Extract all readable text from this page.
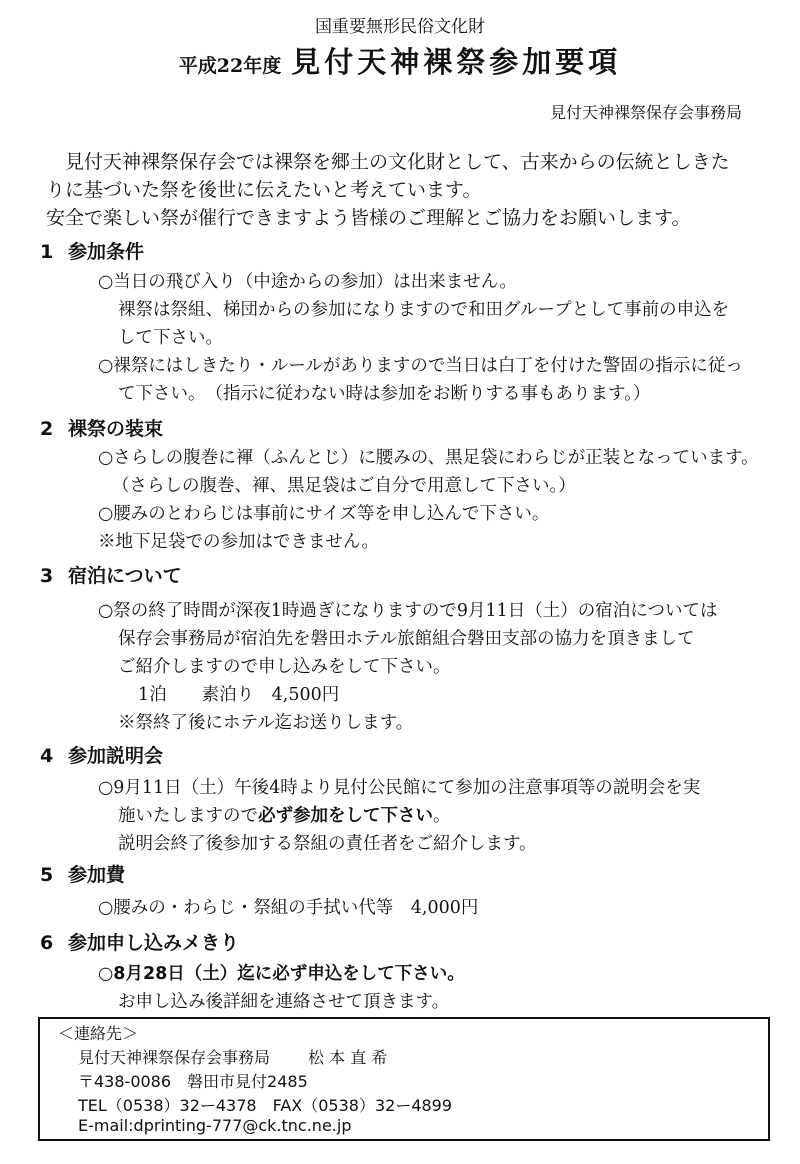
国重要無形民俗文化財
平成22年度 見付天神裸祭参加要項
見付天神裸祭保存会事務局

見付天神裸祭保存会では裸祭を郷土の文化財として、古来からの伝統としきた

りに基づいた祭を後世に伝えたいと考えています。

安全で楽しい祭が催行できますよう皆様のご理解とご協力をお願いします。

1 参加条件
○当日の飛び入り（中途からの参加）は出来ません。
裸祭は祭組、梯団からの参加になりますので和田グループとして事前の申込を
して下さい。
○裸祭にはしきたり・ルールがありますので当日は白丁を付けた警固の指示に従っ
て下さい。　（指示に従わない時は参加をお断りする事もあります。）
2 裸祭の装束
○さらしの腹巻に褌（ふんとじ）に腰みの、黒足袋にわらじが正装となっています。
（さらしの腹巻、褌、黒足袋はご自分で用意して下さい。）
○腰みのとわらじは事前にサイズ等を申し込んで下さい。
※地下足袋での参加はできません。
3 宿泊について
○祭の終了時間が深夜1時過ぎになりますので9月11日（土）の宿泊については
保存会事務局が宿泊先を磐田ホテル旅館組合磐田支部の協力を頂きまして
ご紹介しますので申し込みをして下さい。
1泊　　素泊り　4,500円
※祭終了後にホテル迄お送りします。
4 参加説明会
○9月11日（土）午後4時より見付公民館にて参加の注意事項等の説明会を実
施いたしますので必ず参加をして下さい。
説明会終了後参加する祭組の責任者をご紹介します。
5 参加費
○腰みの・わらじ・祭組の手拭い代等　4,000円
6 参加申し込みメきり
○8月28日（土）迄に必ず申込をして下さい。
お申し込み後詳細を連絡させて頂きます。
＜連絡先＞
見付天神裸祭保存会事務局 松 本 直 希
〒438-0086　磐田市見付2485
TEL（0538）32ー4378　FAX（0538）32ー4899
E-mail:dprinting-777@ck.tnc.ne.jp
